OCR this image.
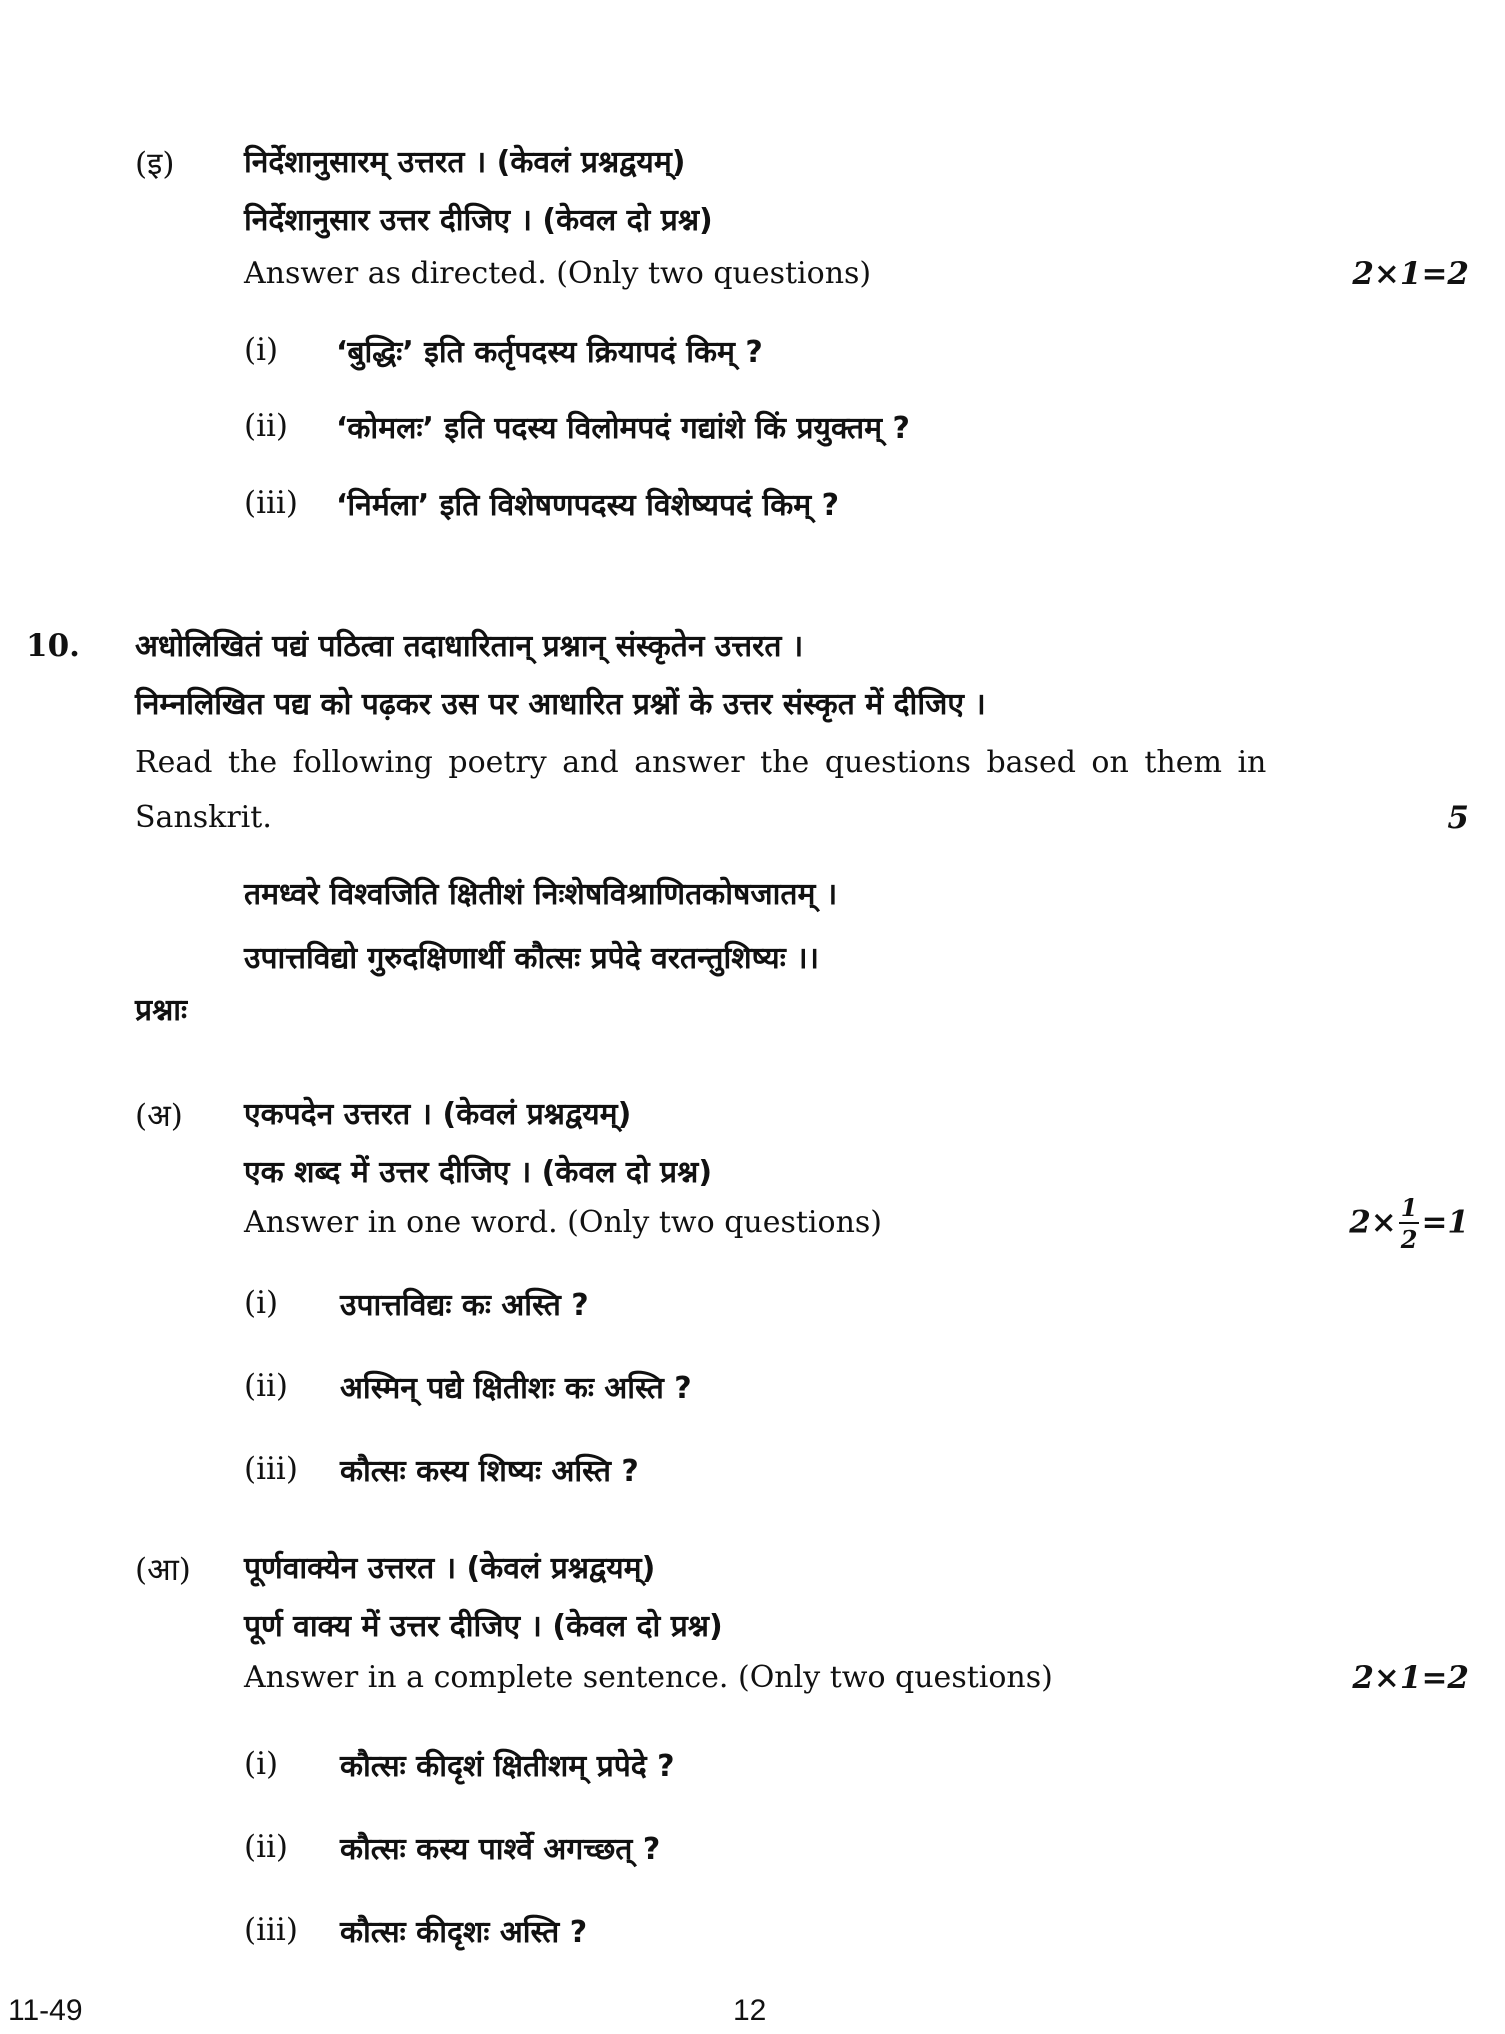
(इ) निर्देशानुसारम् उत्तरत । (केवलं प्रश्नद्वयम्)
निर्देशानुसार उत्तर दीजिए । (केवल दो प्रश्न)
Answer as directed. (Only two questions)	2×1=2
(i) ‘बुद्धिः’ इति कर्तृपदस्य क्रियापदं किम् ?
(ii) ‘कोमलः’ इति पदस्य विलोमपदं गद्यांशे किं प्रयुक्तम् ?
(iii) ‘निर्मला’ इति विशेषणपदस्य विशेष्यपदं किम् ?
10. अधोलिखितं पद्यं पठित्वा तदाधारितान् प्रश्नान् संस्कृतेन उत्तरत ।
निम्नलिखित पद्य को पढ़कर उस पर आधारित प्रश्नों के उत्तर संस्कृत में दीजिए ।
Read the following poetry and answer the questions based on them in
Sanskrit.	5
तमध्वरे विश्वजिति क्षितीशं निःशेषविश्राणितकोषजातम् ।
उपात्तविद्यो गुरुदक्षिणार्थी कौत्सः प्रपेदे वरतन्तुशिष्यः ।।
प्रश्नाः
(अ) एकपदेन उत्तरत । (केवलं प्रश्नद्वयम्)
एक शब्द में उत्तर दीजिए । (केवल दो प्रश्न)
Answer in one word. (Only two questions)	$2\times \frac{1}{2} =1$
(i) उपात्तविद्यः कः अस्ति ?
(ii) अस्मिन् पद्ये क्षितीशः कः अस्ति ?
(iii) कौत्सः कस्य शिष्यः अस्ति ?
(आ) पूर्णवाक्येन उत्तरत । (केवलं प्रश्नद्वयम्)
पूर्ण वाक्य में उत्तर दीजिए । (केवल दो प्रश्न)
Answer in a complete sentence. (Only two questions)	2×1=2
(i) कौत्सः कीदृशं क्षितीशम् प्रपेदे ?
(ii) कौत्सः कस्य पार्श्वे अगच्छत् ?
(iii) कौत्सः कीदृशः अस्ति ?
11-49	12
